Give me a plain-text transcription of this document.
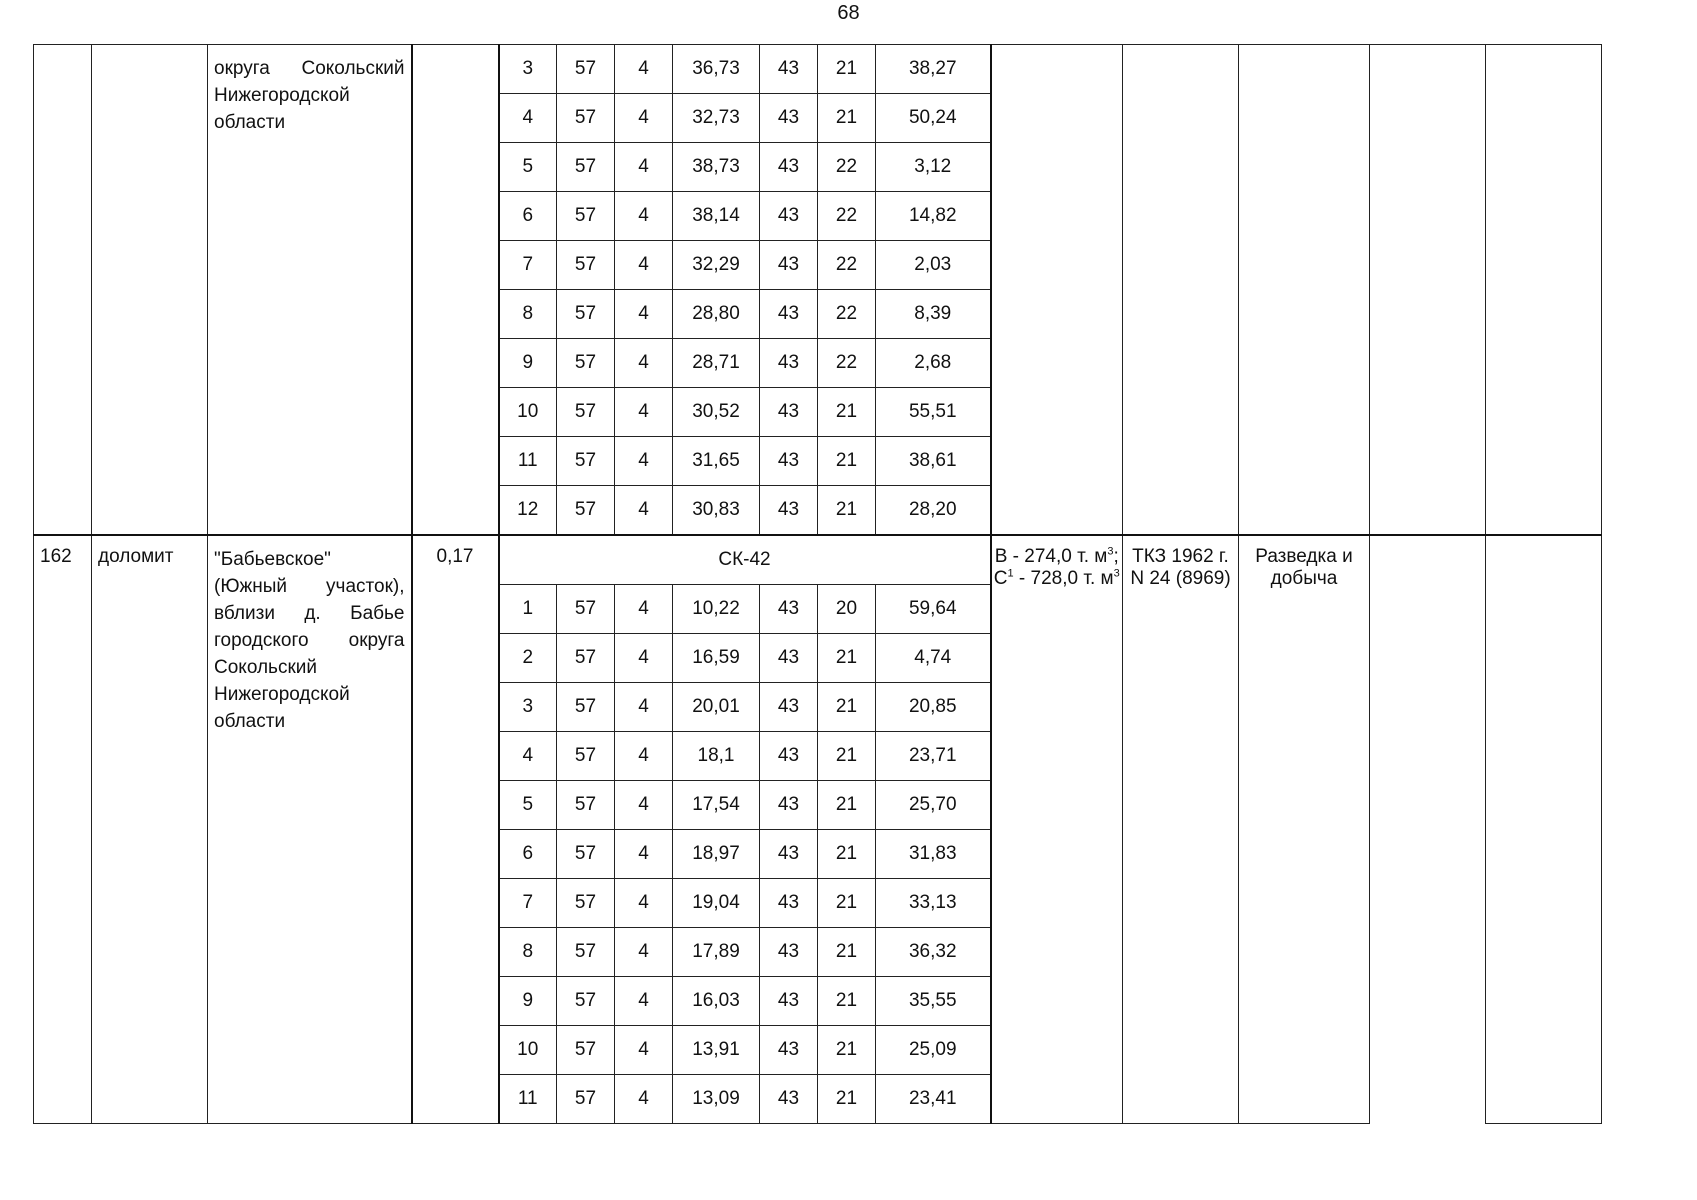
68
		округа Сокольский Нижегородской области		3	57	4	36,73	43	21	38,27					
				4	57	4	32,73	43	21	50,24					
				5	57	4	38,73	43	22	3,12					
				6	57	4	38,14	43	22	14,82					
				7	57	4	32,29	43	22	2,03					
				8	57	4	28,80	43	22	8,39					
				9	57	4	28,71	43	22	2,68					
				10	57	4	30,52	43	21	55,51					
				11	57	4	31,65	43	21	38,61					
				12	57	4	30,83	43	21	28,20					
162	доломит	"Бабьевское" (Южный участок), вблизи д. Бабье городского округа Сокольский Нижегородской области	0,17	СК-42							В - 274,0 т. $м^3$; $С^1 - 728,0$ т. $м^3$	ТКЗ 1962 г. N 24 (8969)	Разведка и добыча		
				1	57	4	10,22	43	20	59,64					
				2	57	4	16,59	43	21	4,74					
				3	57	4	20,01	43	21	20,85					
				4	57	4	18,1	43	21	23,71					
				5	57	4	17,54	43	21	25,70					
				6	57	4	18,97	43	21	31,83					
				7	57	4	19,04	43	21	33,13					
				8	57	4	17,89	43	21	36,32					
				9	57	4	16,03	43	21	35,55					
				10	57	4	13,91	43	21	25,09					
				11	57	4	13,09	43	21	23,41					
